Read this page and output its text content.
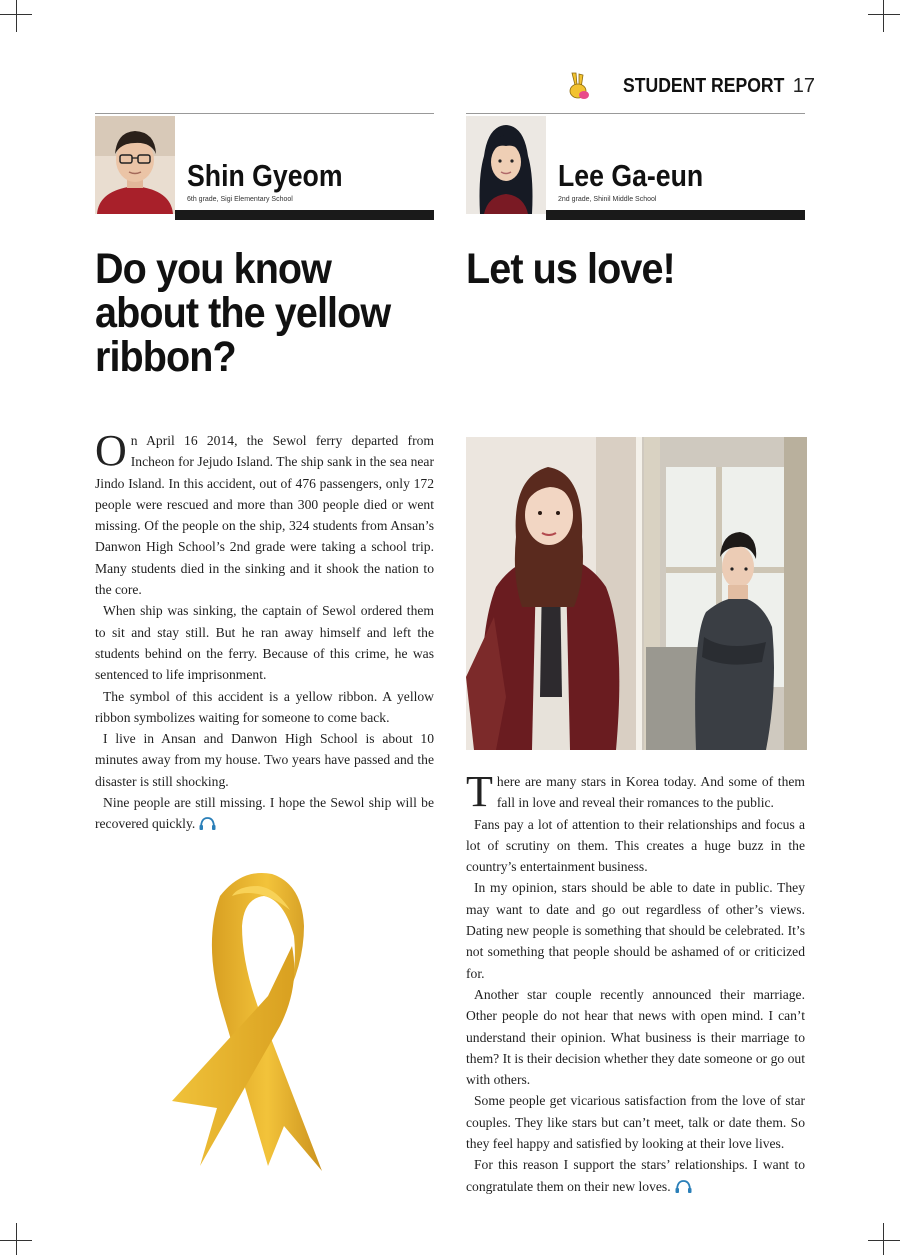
STUDENT REPORT 17
Shin Gyeom
6th grade, Sigi Elementary School
Do you know about the yellow ribbon?

On April 16 2014, the Sewol ferry departed from Incheon for Jejudo Island. The ship sank in the sea near Jindo Island. In this accident, out of 476 passengers, only 172 people were rescued and more than 300 people died or went missing. Of the people on the ship, 324 students from Ansan’s Danwon High School’s 2nd grade were taking a school trip. Many students died in the sinking and it shook the nation to the core.

When ship was sinking, the captain of Sewol ordered them to sit and stay still. But he ran away himself and left the students behind on the ferry. Because of this crime, he was sentenced to life imprisonment.

The symbol of this accident is a yellow ribbon. A yellow ribbon symbolizes waiting for someone to come back.

I live in Ansan and Danwon High School is about 10 minutes away from my house. Two years have passed and the disaster is still shocking.

Nine people are still missing. I hope the Sewol ship will be recovered quickly.

Lee Ga-eun
2nd grade, Shinil Middle School
Let us love!

There are many stars in Korea today. And some of them fall in love and reveal their romances to the public.

Fans pay a lot of attention to their relationships and focus a lot of scrutiny on them. This creates a huge buzz in the country’s entertainment business.

In my opinion, stars should be able to date in public. They may want to date and go out regardless of other’s views. Dating new people is something that should be celebrated. It’s not something that people should be ashamed of or criticized for.

Another star couple recently announced their marriage. Other people do not hear that news with open mind. I can’t understand their opinion. What business is their marriage to them? It is their decision whether they date someone or go out with others.

Some people get vicarious satisfaction from the love of star couples. They like stars but can’t meet, talk or date them. So they feel happy and satisfied by looking at their love lives.

For this reason I support the stars’ relationships. I want to congratulate them on their new loves.
